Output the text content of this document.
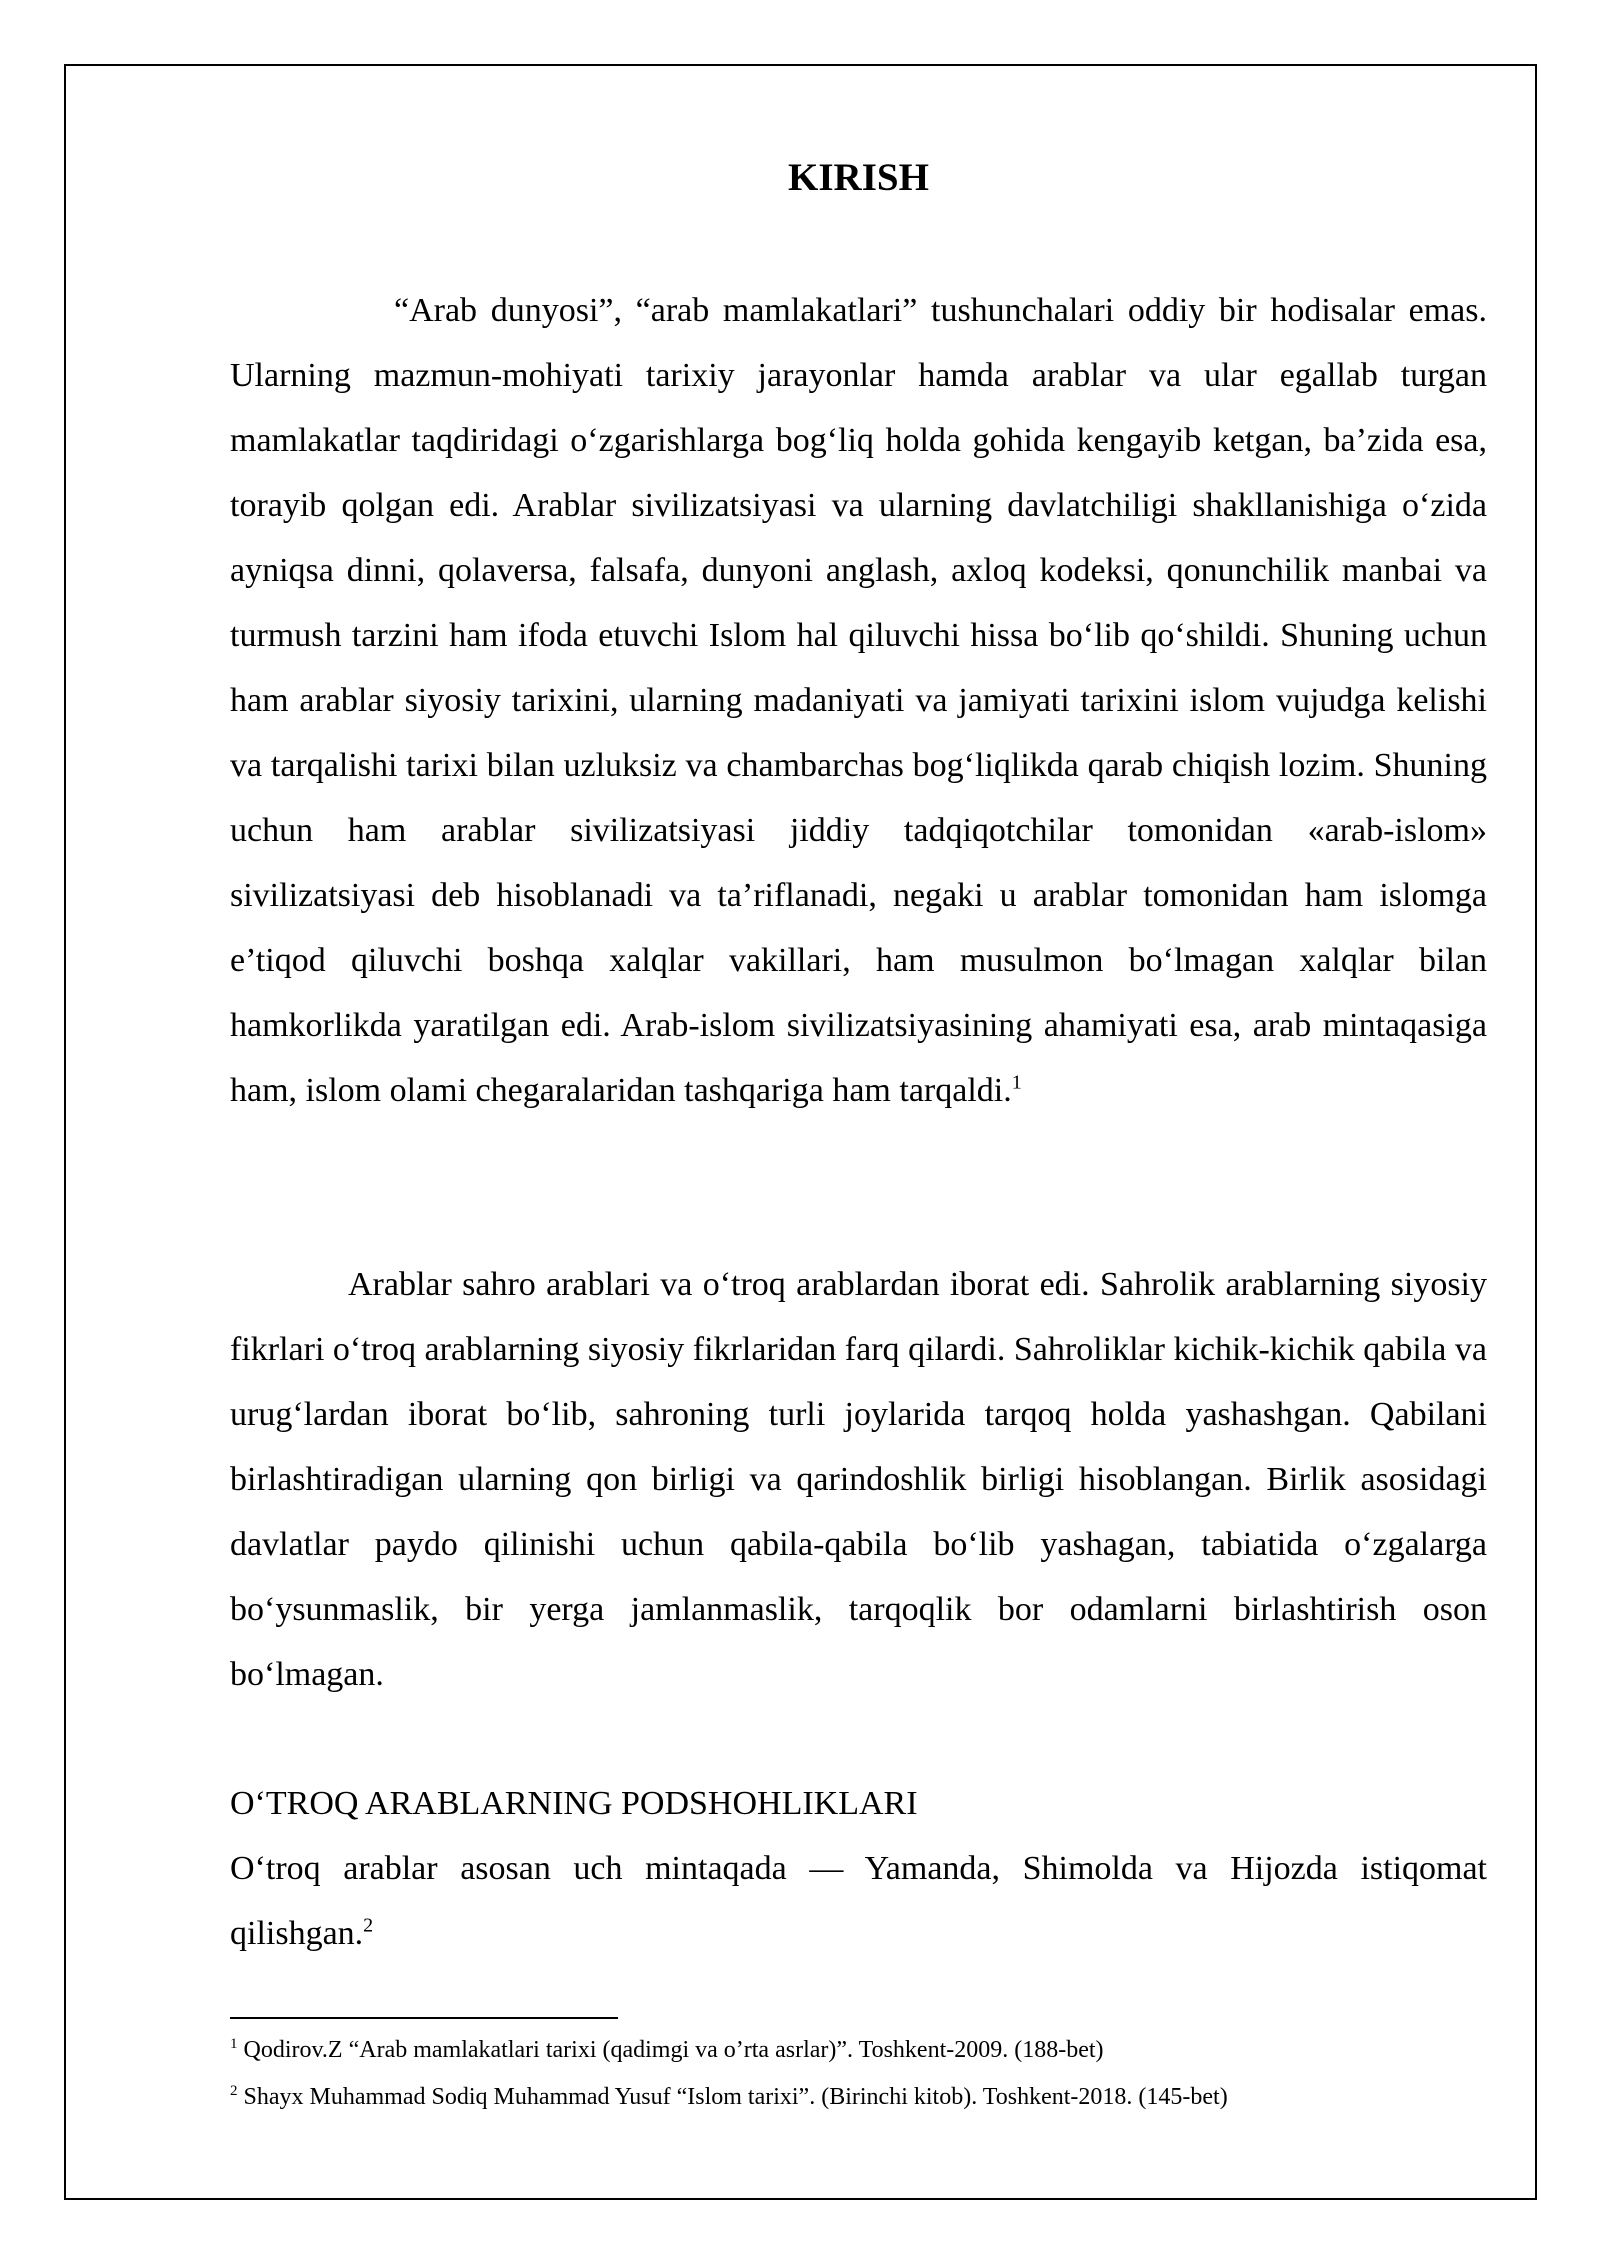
KIRISH

“Arab dunyosi”, “arab mamlakatlari” tushunchalari oddiy bir hodisalar emas. Ularning mazmun-mohiyati tarixiy jarayonlar hamda arablar va ular egallab turgan mamlakatlar taqdiridagi o‘zgarishlarga bog‘liq holda gohida kengayib ketgan, ba’zida esa, torayib qolgan edi. Arablar sivilizatsiyasi va ularning davlatchiligi shakllanishiga o‘zida ayniqsa dinni, qolaversa, falsafa, dunyoni anglash, axloq kodeksi, qonunchilik manbai va turmush tarzini ham ifoda etuvchi Islom hal qiluvchi hissa bo‘lib qo‘shildi. Shuning uchun ham arablar siyosiy tarixini, ularning madaniyati va jamiyati tarixini islom vujudga kelishi va tarqalishi tarixi bilan uzluksiz va chambarchas bog‘liqlikda qarab chiqish lozim. Shuning uchun ham arablar sivilizatsiyasi jiddiy tadqiqotchilar tomonidan «arab-islom» sivilizatsiyasi deb hisoblanadi va ta’riflanadi, negaki u arablar tomonidan ham islomga e’tiqod qiluvchi boshqa xalqlar vakillari, ham musulmon bo‘lmagan xalqlar bilan hamkorlikda yaratilgan edi. Arab-islom sivilizatsiyasining ahamiyati esa, arab mintaqasiga ham, islom olami chegaralaridan tashqariga ham tarqaldi.$^1$

Arablar sahro arablari va o‘troq arablardan iborat edi. Sahrolik arablarning siyosiy fikrlari o‘troq arablarning siyosiy fikrlaridan farq qilardi. Sahroliklar kichik-kichik qabila va urug‘lardan iborat bo‘lib, sahroning turli joylarida tarqoq holda yashashgan. Qabilani birlashtiradigan ularning qon birligi va qarindoshlik birligi hisoblangan. Birlik asosidagi davlatlar paydo qilinishi uchun qabila-qabila bo‘lib yashagan, tabiatida o‘zgalarga bo‘ysunmaslik, bir yerga jamlanmaslik, tarqoqlik bor odamlarni birlashtirish oson bo‘lmagan.

O‘TROQ ARABLARNING PODSHOHLIKLARI

O‘troq arablar asosan uch mintaqada — Yamanda, Shimolda va Hijozda istiqomat qilishgan.$^2$

$^1$ Qodirov.Z “Arab mamlakatlari tarixi (qadimgi va o’rta asrlar)”. Toshkent-2009. (188-bet)

$^2$ Shayx Muhammad Sodiq Muhammad Yusuf “Islom tarixi”. (Birinchi kitob). Toshkent-2018. (145-bet)
